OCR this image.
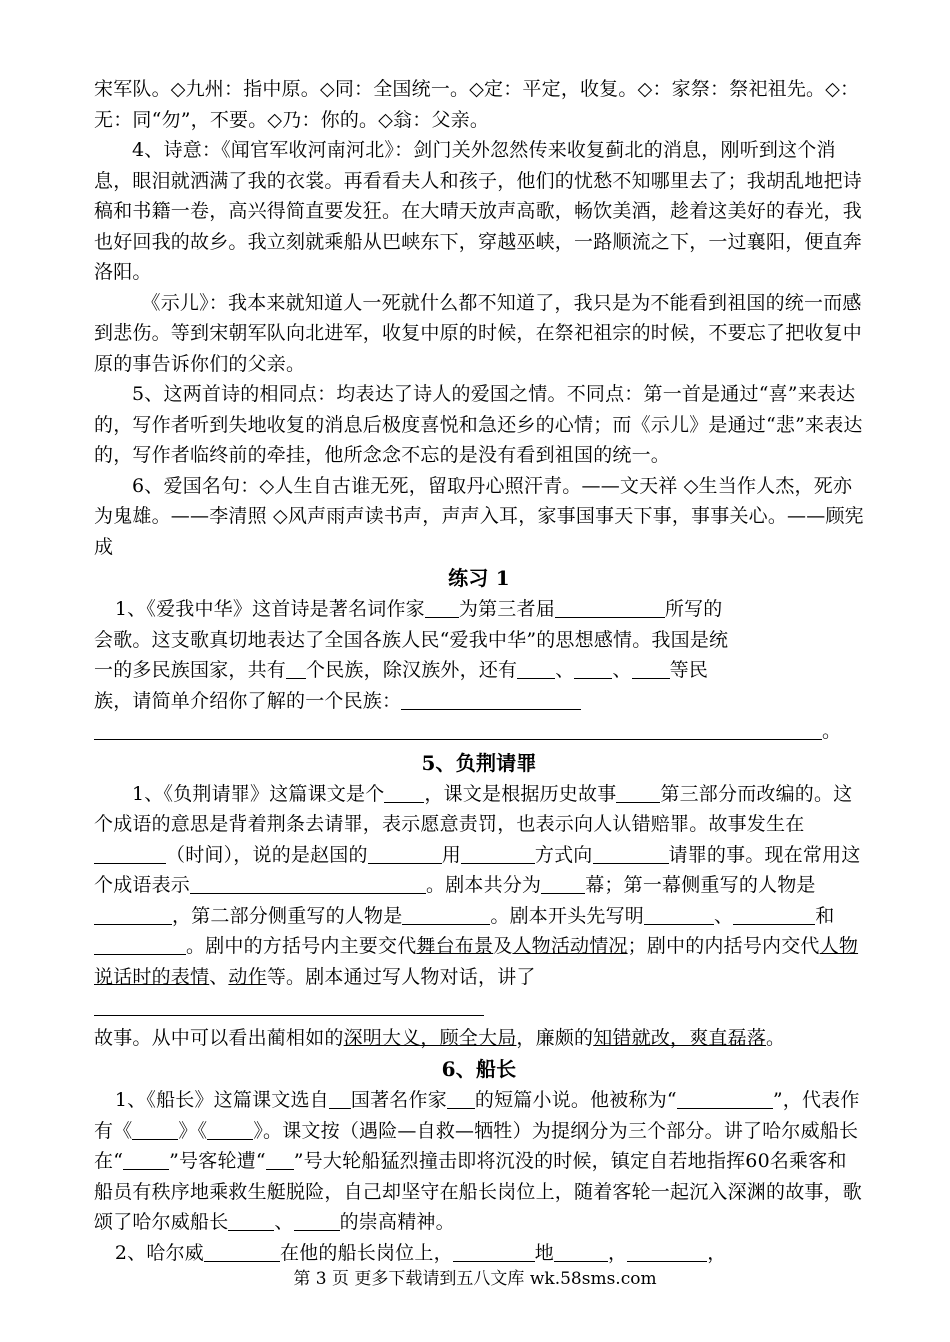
宋军队。◇九州：指中原。◇同：全国统一。◇定：平定，收复。◇：家祭：祭祀祖先。◇：无：同“勿”，不要。◇乃：你的。◇翁：父亲。

4、诗意：《闻官军收河南河北》：剑门关外忽然传来收复蓟北的消息，刚听到这个消息，眼泪就洒满了我的衣裳。再看看夫人和孩子，他们的忧愁不知哪里去了；我胡乱地把诗稿和书籍一卷，高兴得简直要发狂。在大晴天放声高歌，畅饮美酒，趁着这美好的春光，我也好回我的故乡。我立刻就乘船从巴峡东下，穿越巫峡，一路顺流之下，一过襄阳，便直奔洛阳。

《示儿》：我本来就知道人一死就什么都不知道了，我只是为不能看到祖国的统一而感到悲伤。等到宋朝军队向北进军，收复中原的时候，在祭祀祖宗的时候，不要忘了把收复中原的事告诉你们的父亲。

5、这两首诗的相同点：均表达了诗人的爱国之情。不同点：第一首是通过“喜”来表达的，写作者听到失地收复的消息后极度喜悦和急还乡的心情；而《示儿》是通过“悲”来表达的，写作者临终前的牵挂，他所念念不忘的是没有看到祖国的统一。

6、爱国名句：◇人生自古谁无死，留取丹心照汗青。——文天祥 ◇生当作人杰，死亦为鬼雄。——李清照 ◇风声雨声读书声，声声入耳，家事国事天下事，事事关心。——顾宪成

练习 1

1、《爱我中华》这首诗是著名词作家 为第三者届	所写的会歌。这支歌真切地表达了全国各族人民“爱我中华”的思想感情。我国是统一的多民族国家，共有 个民族，除汉族外，还有 、 、 等民族，请简单介绍你了解的一个民族：

。

5、负荆请罪

1、《负荆请罪》这篇课文是个 ，课文是根据历史故事 第三部分而改编的。这个成语的意思是背着荆条去请罪，表示愿意责罚，也表示向人认错赔罪。故事发生在（时间），说的是赵国的	用	方式向	请罪的事。现在常用这个成语表示	。剧本共分为 幕；第一幕侧重写的人物是，第二部分侧重写的人物是	。剧本开头先写明	、	和。剧中的方括号内主要交代舞台布景及人物活动情况；剧中的内括号内交代人物说话时的表情、动作等。剧本通过写人物对话，讲了
故事。从中可以看出蔺相如的深明大义，顾全大局，廉颇的知错就改，爽直磊落。

6、船长

1、《船长》这篇课文选自 国著名作家 的短篇小说。他被称为“	”，代表作有《 》《 》。课文按（遇险—自救—牺牲）为提纲分为三个部分。讲了哈尔威船长在“ ”号客轮遭“ ”号大轮船猛烈撞击即将沉没的时候，镇定自若地指挥60名乘客和船员有秩序地乘救生艇脱险，自己却坚守在船长岗位上，随着客轮一起沉入深渊的故事，歌颂了哈尔威船长 、 的崇高精神。

2、哈尔威	在他的船长岗位上，	地	，	，

第 3 页 更多下载请到五八文库 wk.58sms.com
